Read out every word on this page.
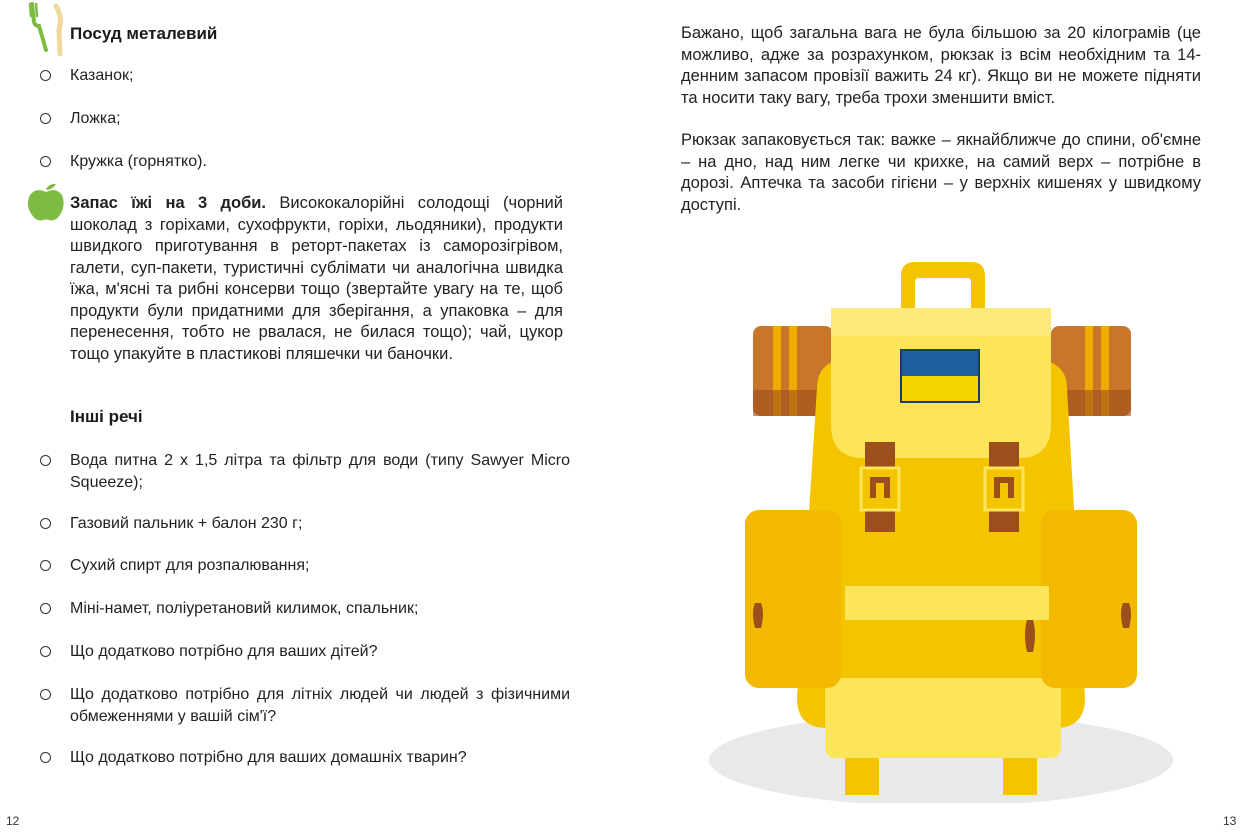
Посуд металевий
Казанок;
Ложка;
Кружка (горнятко).
Запас їжі на 3 доби. Висококалорійні солодощі (чорний шоколад з горіхами, сухофрукти, горіхи, льодяники), продукти швидкого приготування в реторт-пакетах із саморозігрівом, галети, суп-пакети, туристичні сублімати чи аналогічна швидка їжа, м'ясні та рибні консерви тощо (звертайте увагу на те, щоб продукти були придатними для зберігання, а упаковка – для перенесення, тобто не рвалася, не билася тощо); чай, цукор тощо упакуйте в пластикові пляшечки чи баночки.
Інші речі
Вода питна 2 х 1,5 літра та фільтр для води (типу Sawyer Micro Squeeze);
Газовий пальник + балон 230 г;
Сухий спирт для розпалювання;
Міні-намет, поліуретановий килимок, спальник;
Що додатково потрібно для ваших дітей?
Що додатково потрібно для літніх людей чи людей з фізичними обмеженнями у вашій сім'ї?
Що додатково потрібно для ваших домашніх тварин?
12
Бажано, щоб загальна вага не була більшою за 20 кілограмів (це можливо, адже за розрахунком, рюкзак із всім необхідним та 14-денним запасом провізії важить 24 кг). Якщо ви не можете підняти та носити таку вагу, треба трохи зменшити вміст.
Рюкзак запаковується так: важке – якнайближче до спини, об'ємне – на дно, над ним легке чи крихке, на самий верх – потрібне в дорозі. Аптечка та засоби гігієни – у верхніх кишенях у швидкому доступі.
13
